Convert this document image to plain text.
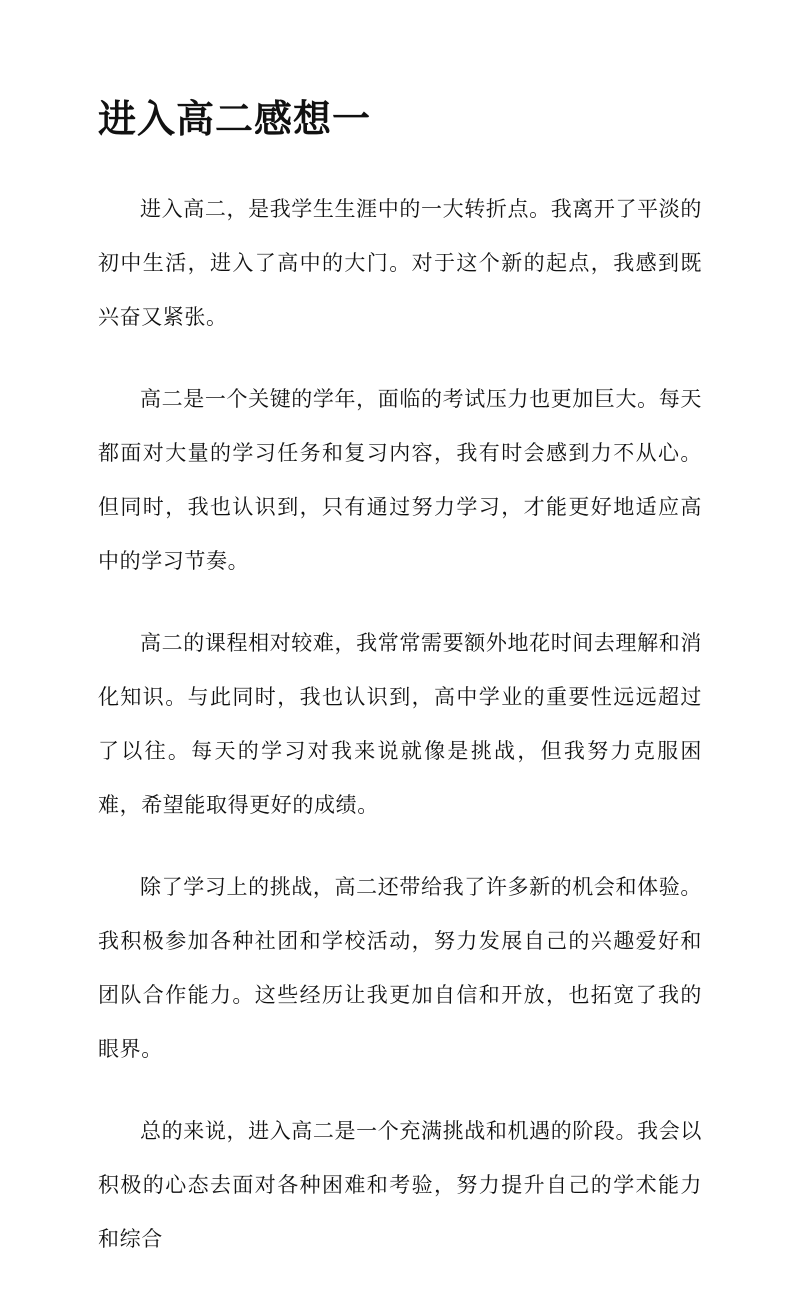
进入高二感想一

进入高二，是我学生生涯中的一大转折点。我离开了平淡的初中生活，进入了高中的大门。对于这个新的起点，我感到既兴奋又紧张。

高二是一个关键的学年，面临的考试压力也更加巨大。每天都面对大量的学习任务和复习内容，我有时会感到力不从心。但同时，我也认识到，只有通过努力学习，才能更好地适应高中的学习节奏。

高二的课程相对较难，我常常需要额外地花时间去理解和消化知识。与此同时，我也认识到，高中学业的重要性远远超过了以往。每天的学习对我来说就像是挑战，但我努力克服困难，希望能取得更好的成绩。

除了学习上的挑战，高二还带给我了许多新的机会和体验。我积极参加各种社团和学校活动，努力发展自己的兴趣爱好和团队合作能力。这些经历让我更加自信和开放，也拓宽了我的眼界。

总的来说，进入高二是一个充满挑战和机遇的阶段。我会以积极的心态去面对各种困难和考验，努力提升自己的学术能力和综合
